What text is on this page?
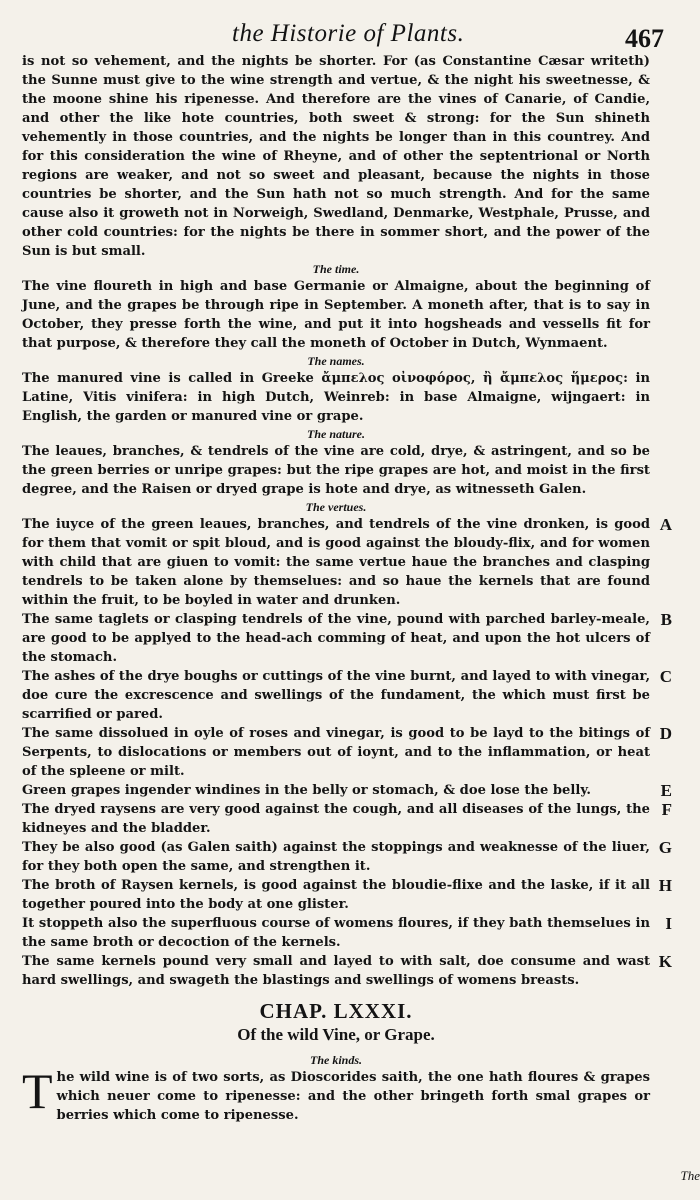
the Historie of Plants.	467

is not so vehement, and the nights be shorter. For (as Constantine Cæsar writeth) the Sunne must give to the wine strength and vertue, & the night his sweetnesse, & the moone shine his ripenesse. And therefore are the vines of Canarie, of Candie, and other the like hote countries, both sweet & strong: for the Sun shineth vehemently in those countries, and the nights be longer than in this countrey. And for this consideration the wine of Rheyne, and of other the septentrional or North regions are weaker, and not so sweet and pleasant, because the nights in those countries be shorter, and the Sun hath not so much strength. And for the same cause also it groweth not in Norweigh, Swedland, Denmarke, Westphale, Prusse, and other cold countries: for the nights be there in sommer short, and the power of the Sun is but small.

The time.

The vine floureth in high and base Germanie or Almaigne, about the beginning of June, and the grapes be through ripe in September. A moneth after, that is to say in October, they presse forth the wine, and put it into hogsheads and vessells fit for that purpose, & therefore they call the moneth of October in Dutch, Wynmaent.

The names.

The manured vine is called in Greeke ἄμπελος οἰνοφόρος, ἢ ἄμπελος ἥμερος: in Latine, Vitis vinifera: in high Dutch, Weinreb: in base Almaigne, wijngaert: in English, the garden or manured vine or grape.

The nature.

The leaues, branches, & tendrels of the vine are cold, drye, & astringent, and so be the green berries or unripe grapes: but the ripe grapes are hot, and moist in the first degree, and the Raisen or dryed grape is hote and drye, as witnesseth Galen.

The vertues.

A

The iuyce of the green leaues, branches, and tendrels of the vine dronken, is good for them that vomit or spit bloud, and is good against the bloudy-flix, and for women with child that are giuen to vomit: the same vertue haue the branches and clasping tendrels to be taken alone by themselues: and so haue the kernels that are found within the fruit, to be boyled in water and drunken.

B

The same taglets or clasping tendrels of the vine, pound with parched barley-meale, are good to be applyed to the head-ach comming of heat, and upon the hot ulcers of the stomach.

C

The ashes of the drye boughs or cuttings of the vine burnt, and layed to with vinegar, doe cure the excrescence and swellings of the fundament, the which must first be scarrified or pared.

D

The same dissolued in oyle of roses and vinegar, is good to be layd to the bitings of Serpents, to dislocations or members out of ioynt, and to the inflammation, or heat of the spleene or milt.

E

Green grapes ingender windines in the belly or stomach, & doe lose the belly.

F

The dryed raysens are very good against the cough, and all diseases of the lungs, the kidneyes and the bladder.

G

They be also good (as Galen saith) against the stoppings and weaknesse of the liuer, for they both open the same, and strengthen it.

H

The broth of Raysen kernels, is good against the bloudie-flixe and the laske, if it all together poured into the body at one glister.

I

It stoppeth also the superfluous course of womens floures, if they bath themselues in the same broth or decoction of the kernels.

K

The same kernels pound very small and layed to with salt, doe consume and wast hard swellings, and swageth the blastings and swellings of womens breasts.

CHAP. LXXXI.
Of the wild Vine, or Grape.

The kinds.

T he wild wine is of two sorts, as Dioscorides saith, the one hath floures & grapes which neuer come to ripenesse: and the other bringeth forth smal grapes or berries which come to ripenesse.

The
